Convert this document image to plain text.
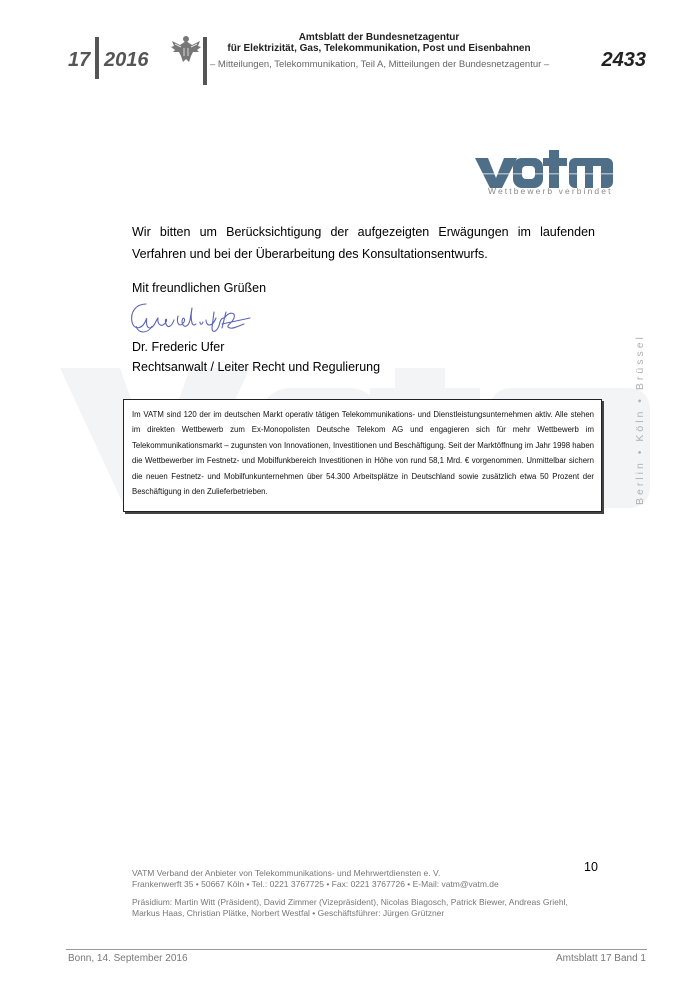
17 2016
Amtsblatt der Bundesnetzagentur
für Elektrizität, Gas, Telekommunikation, Post und Eisenbahnen
– Mitteilungen, Telekommunikation, Teil A, Mitteilungen der Bundesnetzagentur –	2433
vatm
Wettbewerb verbindet
Berlin • Köln • Brüssel
Wir bitten um Berücksichtigung der aufgezeigten Erwägungen im laufenden Verfahren und bei der Überarbeitung des Konsultationsentwurfs.
Mit freundlichen Grüßen
Dr. Frederic Ufer
Rechtsanwalt / Leiter Recht und Regulierung
Im VATM sind 120 der im deutschen Markt operativ tätigen Telekommunikations- und Dienstleistungsunternehmen aktiv. Alle stehen im direkten Wettbewerb zum Ex-Monopolisten Deutsche Telekom AG und engagieren sich für mehr Wettbewerb im Telekommunikationsmarkt – zugunsten von Innovationen, Investitionen und Beschäftigung. Seit der Marktöffnung im Jahr 1998 haben die Wettbewerber im Festnetz- und Mobilfunkbereich Investitionen in Höhe von rund 58,1 Mrd. € vorgenommen. Unmittelbar sichern die neuen Festnetz- und Mobilfunkunternehmen über 54.300 Arbeitsplätze in Deutschland sowie zusätzlich etwa 50 Prozent der Beschäftigung in den Zulieferbetrieben.
10
VATM Verband der Anbieter von Telekommunikations- und Mehrwertdiensten e. V.
Frankenwerft 35 • 50667 Köln • Tel.: 0221 3767725 • Fax: 0221 3767726 • E-Mail: vatm@vatm.de
Präsidium: Martin Witt (Präsident), David Zimmer (Vizepräsident), Nicolas Biagosch, Patrick Biewer, Andreas Griehl,
Markus Haas, Christian Plätke, Norbert Westfal • Geschäftsführer: Jürgen Grützner
Bonn, 14. September 2016	Amtsblatt 17 Band 1
